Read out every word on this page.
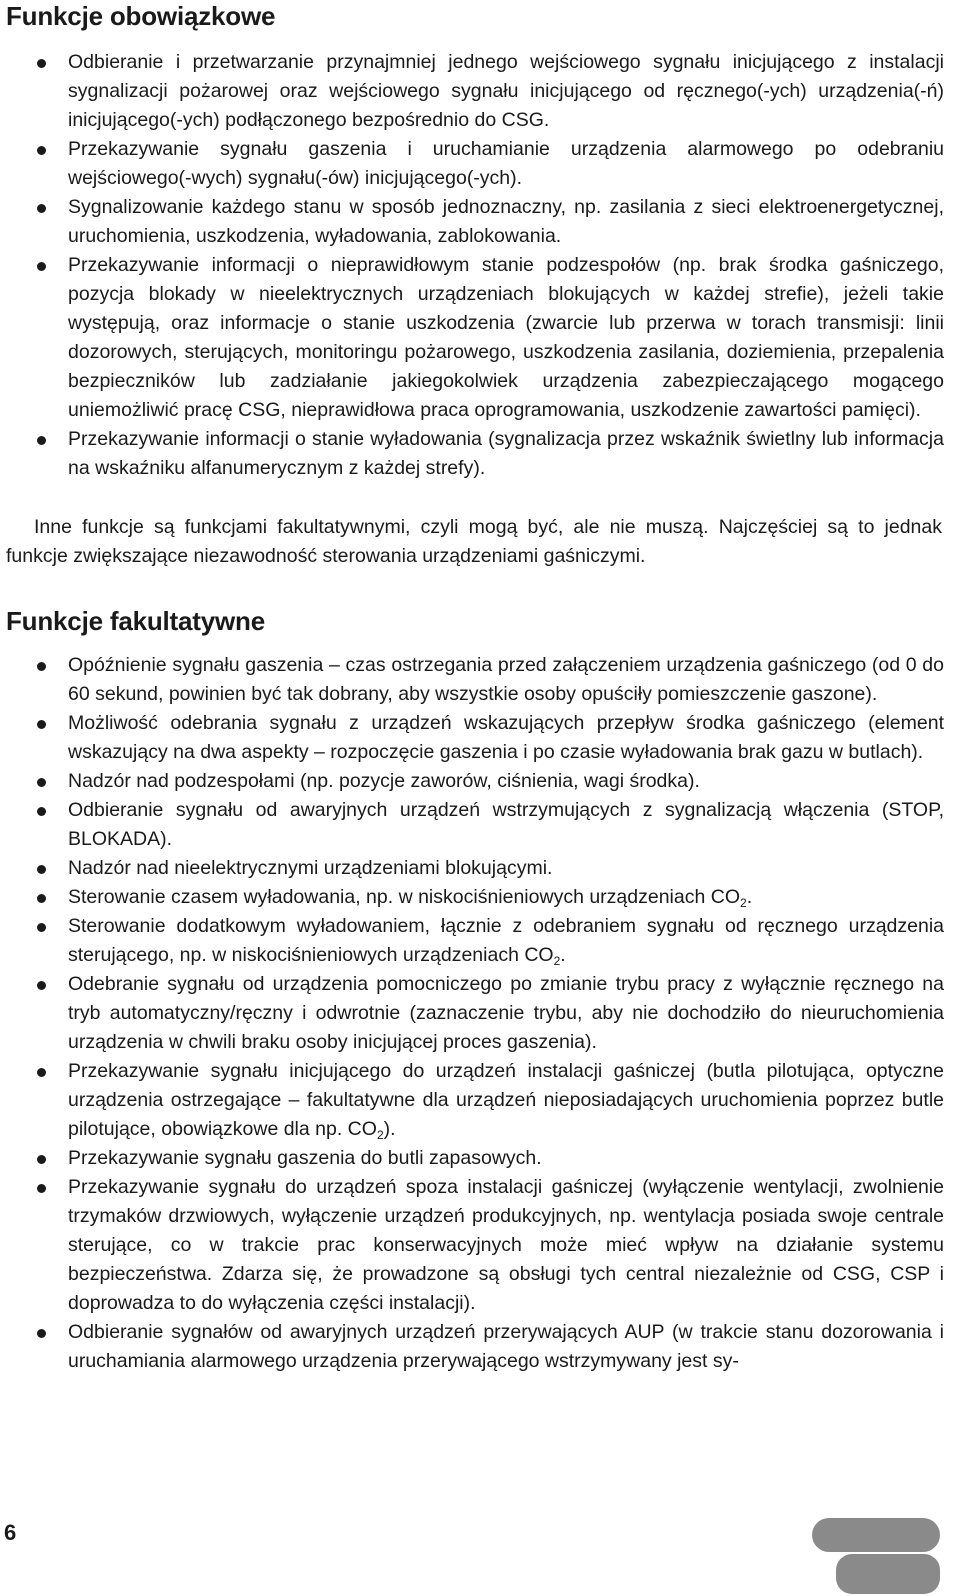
Funkcje obowiązkowe
Odbieranie i przetwarzanie przynajmniej jednego wejściowego sygnału inicjującego z instalacji sygnalizacji pożarowej oraz wejściowego sygnału inicjującego od ręcznego(-ych) urządzenia(-ń) inicjującego(-ych) podłączonego bezpośrednio do CSG.
Przekazywanie sygnału gaszenia i uruchamianie urządzenia alarmowego po odebraniu wejściowego(-wych) sygnału(-ów) inicjującego(-ych).
Sygnalizowanie każdego stanu w sposób jednoznaczny, np. zasilania z sieci elektroenergetycznej, uruchomienia, uszkodzenia, wyładowania, zablokowania.
Przekazywanie informacji o nieprawidłowym stanie podzespołów (np. brak środka gaśniczego, pozycja blokady w nieelektrycznych urządzeniach blokujących w każdej strefie), jeżeli takie występują, oraz informacje o stanie uszkodzenia (zwarcie lub przerwa w torach transmisji: linii dozorowych, sterujących, monitoringu pożarowego, uszkodzenia zasilania, doziemienia, przepalenia bezpieczników lub zadziałanie jakiegokolwiek urządzenia zabezpieczającego mogącego uniemożliwić pracę CSG, nieprawidłowa praca oprogramowania, uszkodzenie zawartości pamięci).
Przekazywanie informacji o stanie wyładowania (sygnalizacja przez wskaźnik świetlny lub informacja na wskaźniku alfanumerycznym z każdej strefy).

Inne funkcje są funkcjami fakultatywnymi, czyli mogą być, ale nie muszą. Najczęściej są to jednak funkcje zwiększające niezawodność sterowania urządzeniami gaśniczymi.

Funkcje fakultatywne
Opóźnienie sygnału gaszenia – czas ostrzegania przed załączeniem urządzenia gaśniczego (od 0 do 60 sekund, powinien być tak dobrany, aby wszystkie osoby opuściły pomieszczenie gaszone).
Możliwość odebrania sygnału z urządzeń wskazujących przepływ środka gaśniczego (element wskazujący na dwa aspekty – rozpoczęcie gaszenia i po czasie wyładowania brak gazu w butlach).
Nadzór nad podzespołami (np. pozycje zaworów, ciśnienia, wagi środka).
Odbieranie sygnału od awaryjnych urządzeń wstrzymujących z sygnalizacją włączenia (STOP, BLOKADA).
Nadzór nad nieelektrycznymi urządzeniami blokującymi.
Sterowanie czasem wyładowania, np. w niskociśnieniowych urządzeniach $CO_2$.
Sterowanie dodatkowym wyładowaniem, łącznie z odebraniem sygnału od ręcznego urządzenia sterującego, np. w niskociśnieniowych urządzeniach $CO_2$.
Odebranie sygnału od urządzenia pomocniczego po zmianie trybu pracy z wyłącznie ręcznego na tryb automatyczny/ręczny i odwrotnie (zaznaczenie trybu, aby nie dochodziło do nieuruchomienia urządzenia w chwili braku osoby inicjującej proces gaszenia).
Przekazywanie sygnału inicjującego do urządzeń instalacji gaśniczej (butla pilotująca, optyczne urządzenia ostrzegające – fakultatywne dla urządzeń nieposiadających uruchomienia poprzez butle pilotujące, obowiązkowe dla np. $CO_2$).
Przekazywanie sygnału gaszenia do butli zapasowych.
Przekazywanie sygnału do urządzeń spoza instalacji gaśniczej (wyłączenie wentylacji, zwolnienie trzymaków drzwiowych, wyłączenie urządzeń produkcyjnych, np. wentylacja posiada swoje centrale sterujące, co w trakcie prac konserwacyjnych może mieć wpływ na działanie systemu bezpieczeństwa. Zdarza się, że prowadzone są obsługi tych central niezależnie od CSG, CSP i doprowadza to do wyłączenia części instalacji).
Odbieranie sygnałów od awaryjnych urządzeń przerywających AUP (w trakcie stanu dozorowania i uruchamiania alarmowego urządzenia przerywającego wstrzymywany jest sy-
6
